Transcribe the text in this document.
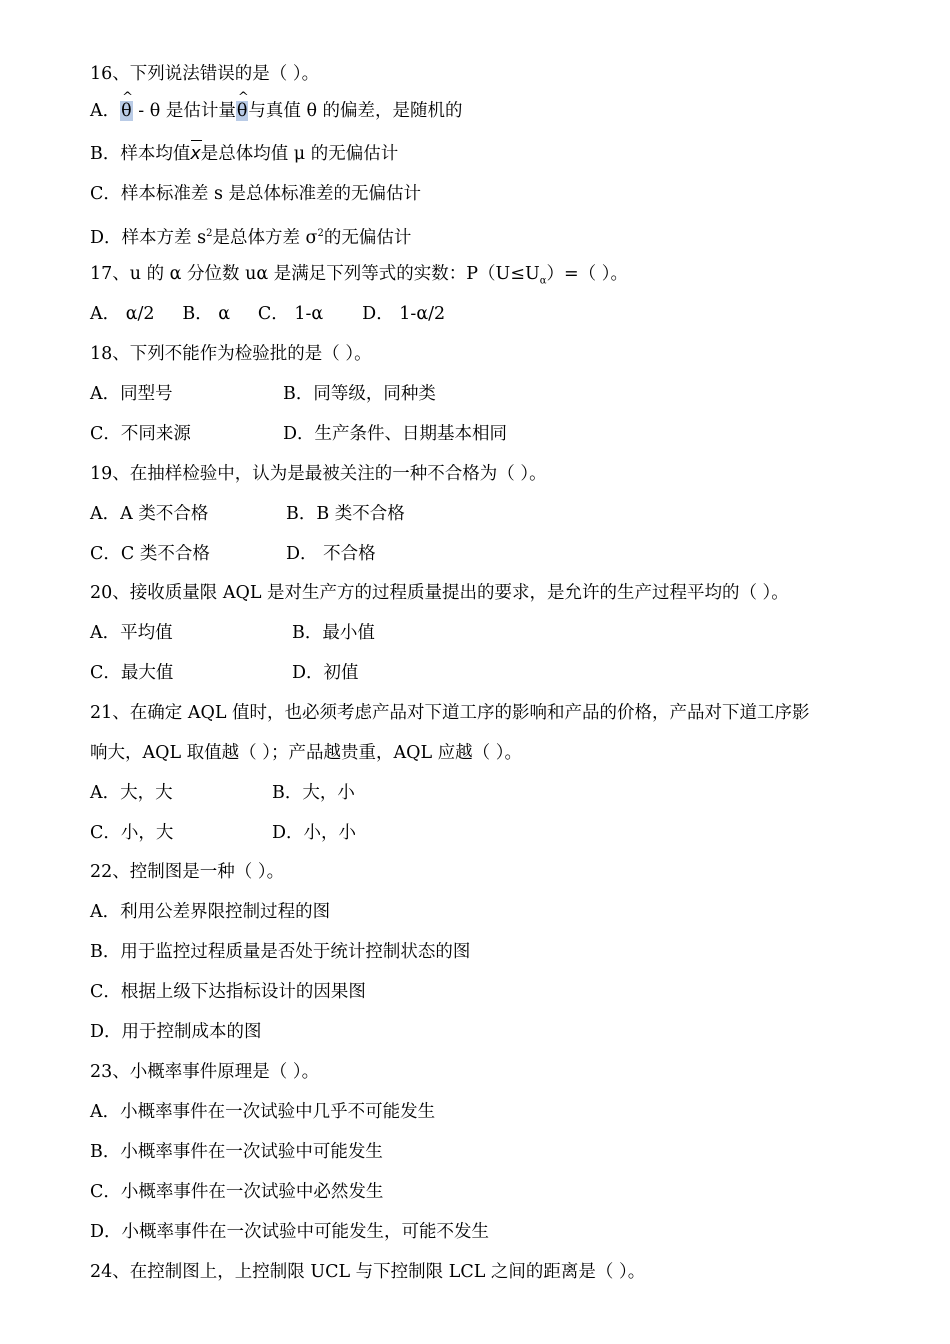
16、下列说法错误的是（ ）。
A．^ θ - θ 是估计量^ θ与真值 θ 的偏差，是随机的
B．样本均值x是总体均值 μ 的无偏估计
C．样本标准差 s 是总体标准差的无偏估计
D．样本方差 $s^2$是总体方差 $\sigma^2$的无偏估计
17、u 的 α 分位数 uα 是满足下列等式的实数：$P(U\le U_\alpha)=$（ ）。
A． α/2     B． α     C． 1-α       D． 1-α/2
18、下列不能作为检验批的是（ ）。
A．同型号	B．同等级，同种类
C．不同来源	D．生产条件、日期基本相同
19、在抽样检验中，认为是最被关注的一种不合格为（ ）。
A．A 类不合格	B．B 类不合格
C．C 类不合格	D． 不合格
20、接收质量限 AQL 是对生产方的过程质量提出的要求，是允许的生产过程平均的（ ）。
A．平均值	B．最小值
C．最大值	D．初值
21、在确定 AQL 值时，也必须考虑产品对下道工序的影响和产品的价格，产品对下道工序影
响大，AQL 取值越（ ）；产品越贵重，AQL 应越（ ）。
A．大，大	B．大，小
C．小，大	D．小，小
22、控制图是一种（ ）。
A．利用公差界限控制过程的图
B．用于监控过程质量是否处于统计控制状态的图
C．根据上级下达指标设计的因果图
D．用于控制成本的图
23、小概率事件原理是（ ）。
A．小概率事件在一次试验中几乎不可能发生
B．小概率事件在一次试验中可能发生
C．小概率事件在一次试验中必然发生
D．小概率事件在一次试验中可能发生，可能不发生
24、在控制图上，上控制限 UCL 与下控制限 LCL 之间的距离是（ ）。
